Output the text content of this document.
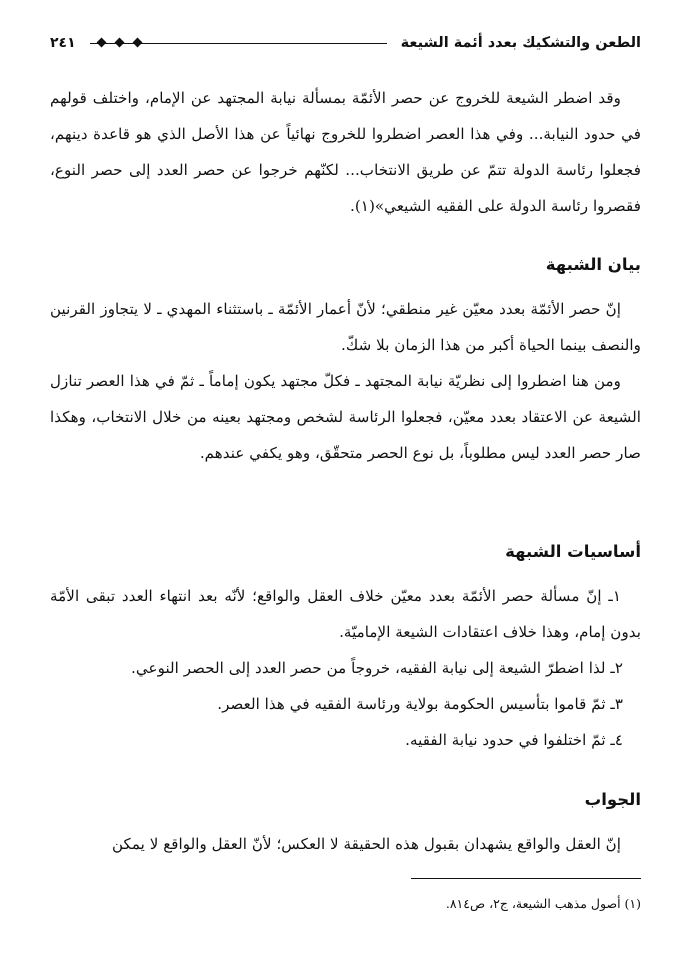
الطعن والتشكيك بعدد أئمة الشيعة
٢٤١

وقد اضطر الشيعة للخروج عن حصر الأئمّة بمسألة نيابة المجتهد عن الإمام، واختلف قولهم في حدود النيابة... وفي هذا العصر اضطروا للخروج نهائياً عن هذا الأصل الذي هو قاعدة دينهم، فجعلوا رئاسة الدولة تتمّ عن طريق الانتخاب... لكنّهم خرجوا عن حصر العدد إلى حصر النوع، فقصروا رئاسة الدولة على الفقيه الشيعي»(١).

بيان الشبهة

إنّ حصر الأئمّة بعدد معيّن غير منطقي؛ لأنّ أعمار الأئمّة ـ باستثناء المهدي ـ لا يتجاوز القرنين والنصف بينما الحياة أكبر من هذا الزمان بلا شكّ.

ومن هنا اضطروا إلى نظريّة نيابة المجتهد ـ فكلّ مجتهد يكون إماماً ـ ثمّ في هذا العصر تنازل الشيعة عن الاعتقاد بعدد معيّن، فجعلوا الرئاسة لشخص ومجتهد بعينه من خلال الانتخاب، وهكذا صار حصر العدد ليس مطلوباً، بل نوع الحصر متحقّق، وهو يكفي عندهم.

أساسيات الشبهة

١ـ إنّ مسألة حصر الأئمّة بعدد معيّن خلاف العقل والواقع؛ لأنّه بعد انتهاء العدد تبقى الأمّة بدون إمام، وهذا خلاف اعتقادات الشيعة الإماميّة.

٢ـ لذا اضطرّ الشيعة إلى نيابة الفقيه، خروجاً من حصر العدد إلى الحصر النوعي.

٣ـ ثمّ قاموا بتأسيس الحكومة بولاية ورئاسة الفقيه في هذا العصر.

٤ـ ثمّ اختلفوا في حدود نيابة الفقيه.

الجواب

إنّ العقل والواقع يشهدان بقبول هذه الحقيقة لا العكس؛ لأنّ العقل والواقع لا يمكن

(١) أصول مذهب الشيعة، ج٢، ص٨١٤.
